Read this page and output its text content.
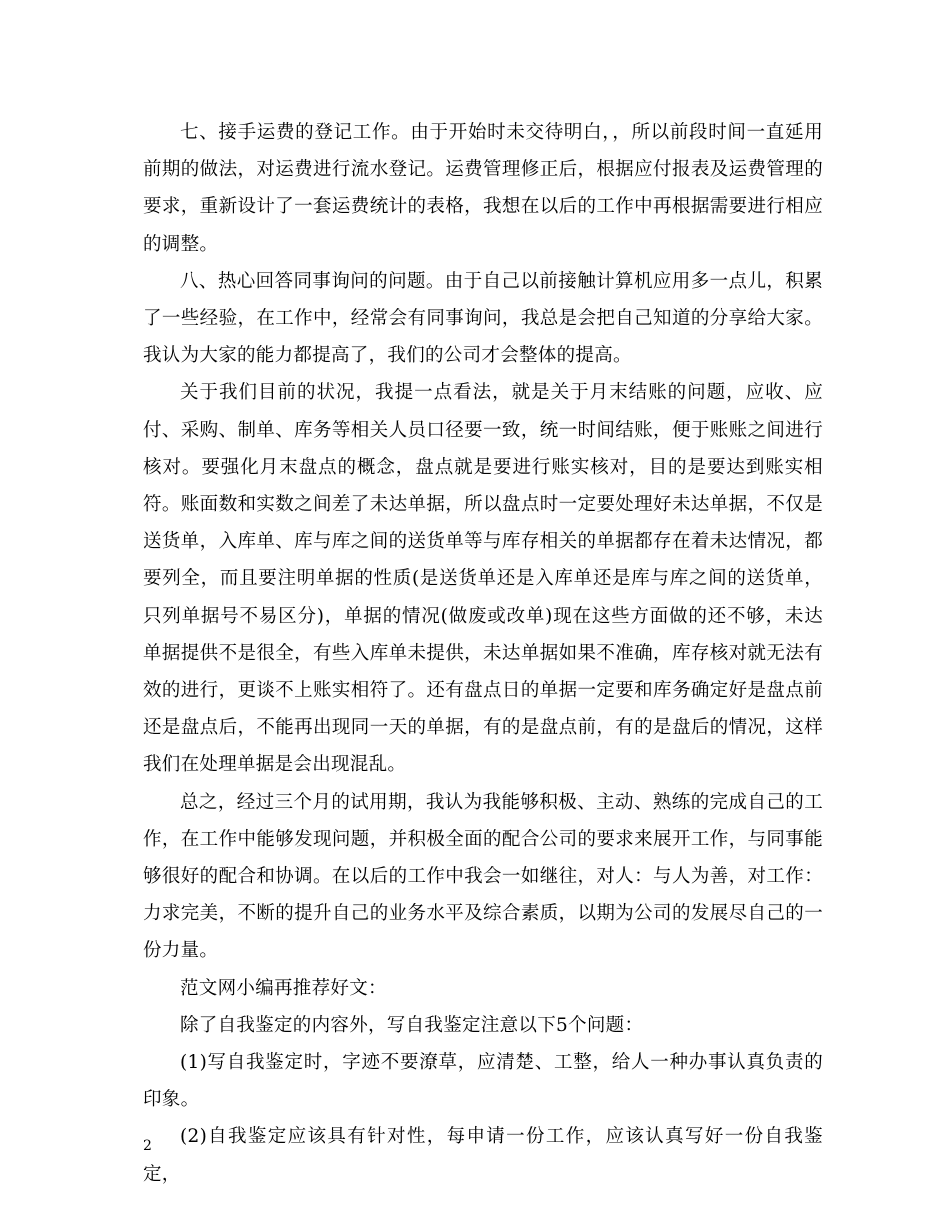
七、接手运费的登记工作。由于开始时未交待明白，，所以前段时间一直延用前期的做法，对运费进行流水登记。运费管理修正后，根据应付报表及运费管理的要求，重新设计了一套运费统计的表格，我想在以后的工作中再根据需要进行相应的调整。

八、热心回答同事询问的问题。由于自己以前接触计算机应用多一点儿，积累了一些经验，在工作中，经常会有同事询问，我总是会把自己知道的分享给大家。我认为大家的能力都提高了，我们的公司才会整体的提高。

关于我们目前的状况，我提一点看法，就是关于月末结账的问题，应收、应付、采购、制单、库务等相关人员口径要一致，统一时间结账，便于账账之间进行核对。要强化月末盘点的概念，盘点就是要进行账实核对，目的是要达到账实相符。账面数和实数之间差了未达单据，所以盘点时一定要处理好未达单据，不仅是送货单，入库单、库与库之间的送货单等与库存相关的单据都存在着未达情况，都要列全，而且要注明单据的性质(是送货单还是入库单还是库与库之间的送货单，只列单据号不易区分)，单据的情况(做废或改单)现在这些方面做的还不够，未达单据提供不是很全，有些入库单未提供，未达单据如果不准确，库存核对就无法有效的进行，更谈不上账实相符了。还有盘点日的单据一定要和库务确定好是盘点前还是盘点后，不能再出现同一天的单据，有的是盘点前，有的是盘后的情况，这样我们在处理单据是会出现混乱。

总之，经过三个月的试用期，我认为我能够积极、主动、熟练的完成自己的工作，在工作中能够发现问题，并积极全面的配合公司的要求来展开工作，与同事能够很好的配合和协调。在以后的工作中我会一如继往，对人：与人为善，对工作：力求完美，不断的提升自己的业务水平及综合素质，以期为公司的发展尽自己的一份力量。

范文网小编再推荐好文：

除了自我鉴定的内容外，写自我鉴定注意以下5个问题：

(1)写自我鉴定时，字迹不要潦草，应清楚、工整，给人一种办事认真负责的印象。

(2)自我鉴定应该具有针对性，每申请一份工作，应该认真写好一份自我鉴定，

2
